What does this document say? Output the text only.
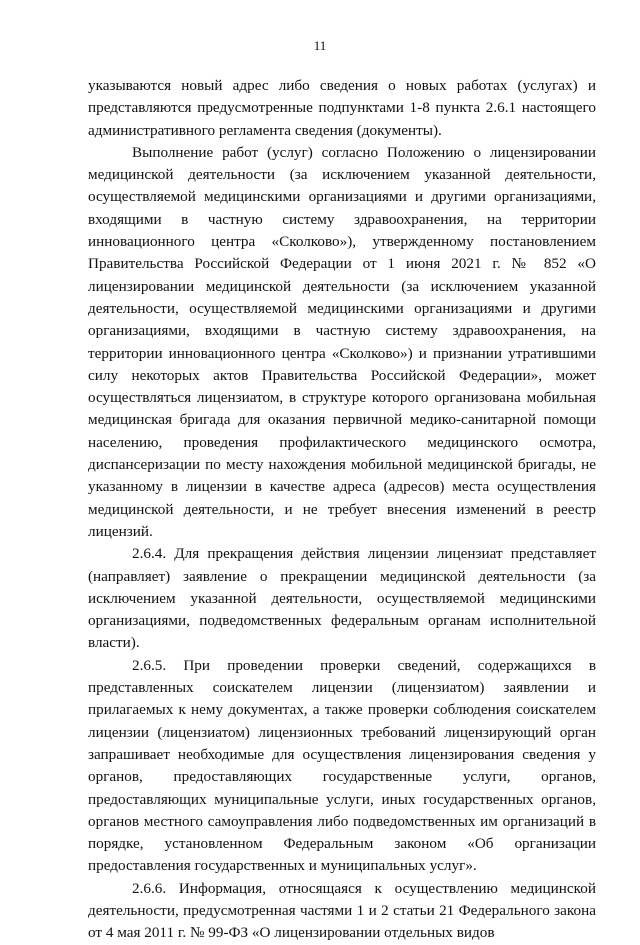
11

указываются новый адрес либо сведения о новых работах (услугах) и представляются предусмотренные подпунктами 1-8 пункта 2.6.1 настоящего административного регламента сведения (документы).

Выполнение работ (услуг) согласно Положению о лицензировании медицинской деятельности (за исключением указанной деятельности, осуществляемой медицинскими организациями и другими организациями, входящими в частную систему здравоохранения, на территории инновационного центра «Сколково»), утвержденному постановлением Правительства Российской Федерации от 1 июня 2021 г. № 852 «О лицензировании медицинской деятельности (за исключением указанной деятельности, осуществляемой медицинскими организациями и другими организациями, входящими в частную систему здравоохранения, на территории инновационного центра «Сколково») и признании утратившими силу некоторых актов Правительства Российской Федерации», может осуществляться лицензиатом, в структуре которого организована мобильная медицинская бригада для оказания первичной медико-санитарной помощи населению, проведения профилактического медицинского осмотра, диспансеризации по месту нахождения мобильной медицинской бригады, не указанному в лицензии в качестве адреса (адресов) места осуществления медицинской деятельности, и не требует внесения изменений в реестр лицензий.

2.6.4. Для прекращения действия лицензии лицензиат представляет (направляет) заявление о прекращении медицинской деятельности (за исключением указанной деятельности, осуществляемой медицинскими организациями, подведомственных федеральным органам исполнительной власти).

2.6.5. При проведении проверки сведений, содержащихся в представленных соискателем лицензии (лицензиатом) заявлении и прилагаемых к нему документах, а также проверки соблюдения соискателем лицензии (лицензиатом) лицензионных требований лицензирующий орган запрашивает необходимые для осуществления лицензирования сведения у органов, предоставляющих государственные услуги, органов, предоставляющих муниципальные услуги, иных государственных органов, органов местного самоуправления либо подведомственных им организаций в порядке, установленном Федеральным законом «Об организации предоставления государственных и муниципальных услуг».

2.6.6. Информация, относящаяся к осуществлению медицинской деятельности, предусмотренная частями 1 и 2 статьи 21 Федерального закона от 4 мая 2011 г. № 99-ФЗ «О лицензировании отдельных видов
